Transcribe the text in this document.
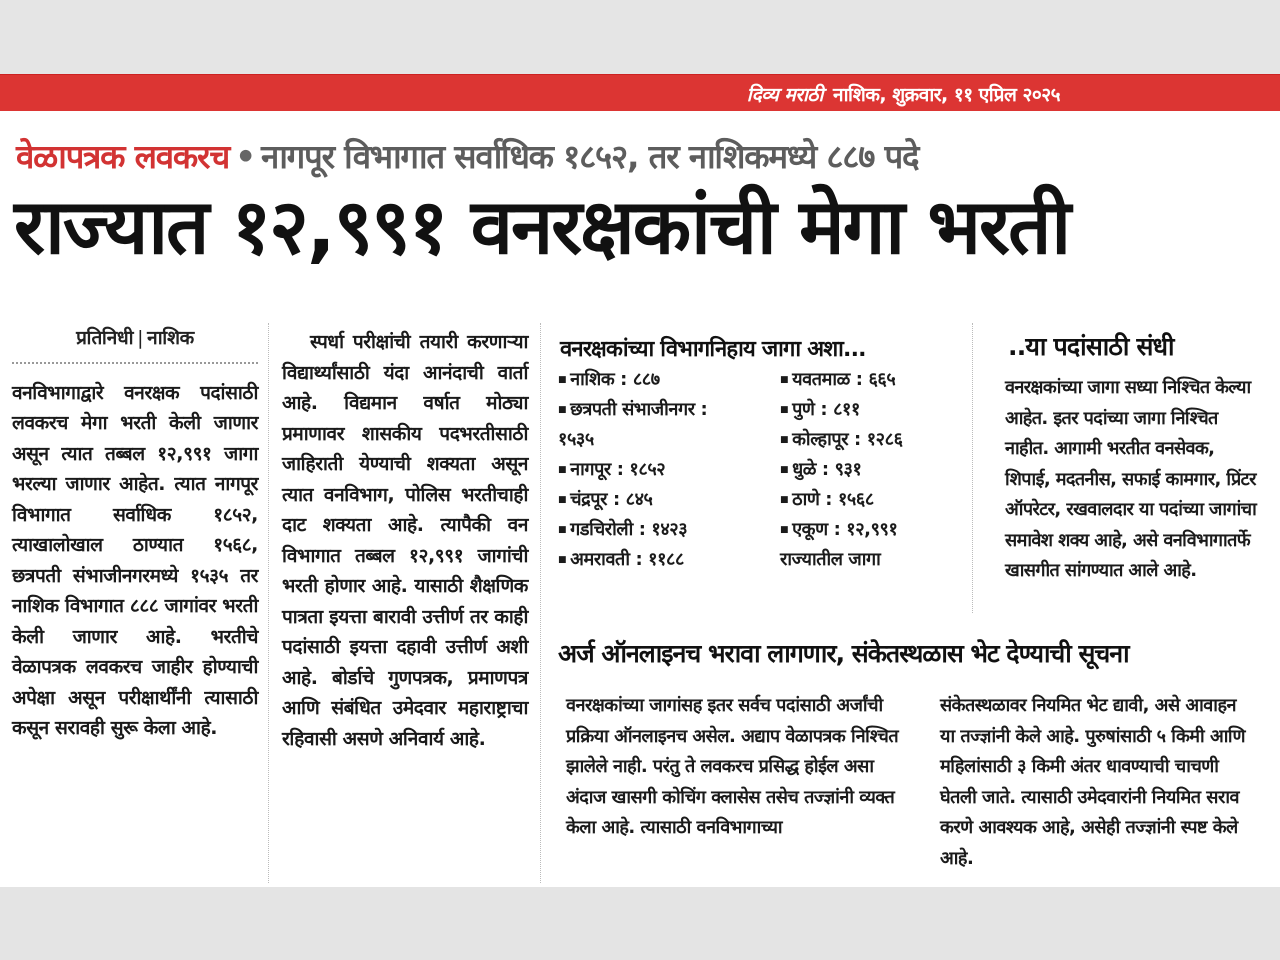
दिव्य मराठी नाशिक, शुक्रवार, ११ एप्रिल २०२५
वेळापत्रक लवकरच • नागपूर विभागात सर्वाधिक १८५२, तर नाशिकमध्ये ८८७ पदे
राज्यात १२,९९१ वनरक्षकांची मेगा भरती
प्रतिनिधी | नाशिक
वनविभागाद्वारे वनरक्षक पदांसाठी लवकरच मेगा भरती केली जाणार असून त्यात तब्बल १२,९९१ जागा भरल्या जाणार आहेत. त्यात नागपूर विभागात सर्वाधिक १८५२, त्याखालोखाल ठाण्यात १५६८, छत्रपती संभाजीनगरमध्ये १५३५ तर नाशिक विभागात ८८८ जागांवर भरती केली जाणार आहे. भरतीचे वेळापत्रक लवकरच जाहीर होण्याची अपेक्षा असून परीक्षार्थींनी त्यासाठी कसून सरावही सुरू केला आहे.
स्पर्धा परीक्षांची तयारी करणाऱ्या विद्यार्थ्यांसाठी यंदा आनंदाची वार्ता आहे. विद्यमान वर्षात मोठ्या प्रमाणावर शासकीय पदभरतीसाठी जाहिराती येण्याची शक्यता असून त्यात वनविभाग, पोलिस भरतीचाही दाट शक्यता आहे. त्यापैकी वन विभागात तब्बल १२,९९१ जागांची भरती होणार आहे. यासाठी शैक्षणिक पात्रता इयत्ता बारावी उत्तीर्ण तर काही पदांसाठी इयत्ता दहावी उत्तीर्ण अशी आहे. बोर्डाचे गुणपत्रक, प्रमाणपत्र आणि संबंधित उमेदवार महाराष्ट्राचा रहिवासी असणे अनिवार्य आहे.
वनरक्षकांच्या विभागनिहाय जागा अशा...
■ नाशिक : ८८७
■ छत्रपती संभाजीनगर :
१५३५
■ नागपूर : १८५२
■ चंद्रपूर : ८४५
■ गडचिरोली : १४२३
■ अमरावती : ११८८
■ यवतमाळ : ६६५
■ पुणे : ८११
■ कोल्हापूर : १२८६
■ धुळे : ९३१
■ ठाणे : १५६८
■ एकूण : १२,९९१
राज्यातील जागा
..या पदांसाठी संधी
वनरक्षकांच्या जागा सध्या निश्चित केल्या आहेत. इतर पदांच्या जागा निश्चित नाहीत. आगामी भरतीत वनसेवक, शिपाई, मदतनीस, सफाई कामगार, प्रिंटर ऑपरेटर, रखवालदार या पदांच्या जागांचा समावेश शक्य आहे, असे वनविभागातर्फे खासगीत सांगण्यात आले आहे.
अर्ज ऑनलाइनच भरावा लागणार, संकेतस्थळास भेट देण्याची सूचना
वनरक्षकांच्या जागांसह इतर सर्वच पदांसाठी अर्जांची प्रक्रिया ऑनलाइनच असेल. अद्याप वेळापत्रक निश्चित झालेले नाही. परंतु ते लवकरच प्रसिद्ध होईल असा अंदाज खासगी कोचिंग क्लासेस तसेच तज्ज्ञांनी व्यक्त केला आहे. त्यासाठी वनविभागाच्या
संकेतस्थळावर नियमित भेट द्यावी, असे आवाहन या तज्ज्ञांनी केले आहे. पुरुषांसाठी ५ किमी आणि महिलांसाठी ३ किमी अंतर धावण्याची चाचणी घेतली जाते. त्यासाठी उमेदवारांनी नियमित सराव करणे आवश्यक आहे, असेही तज्ज्ञांनी स्पष्ट केले आहे.
